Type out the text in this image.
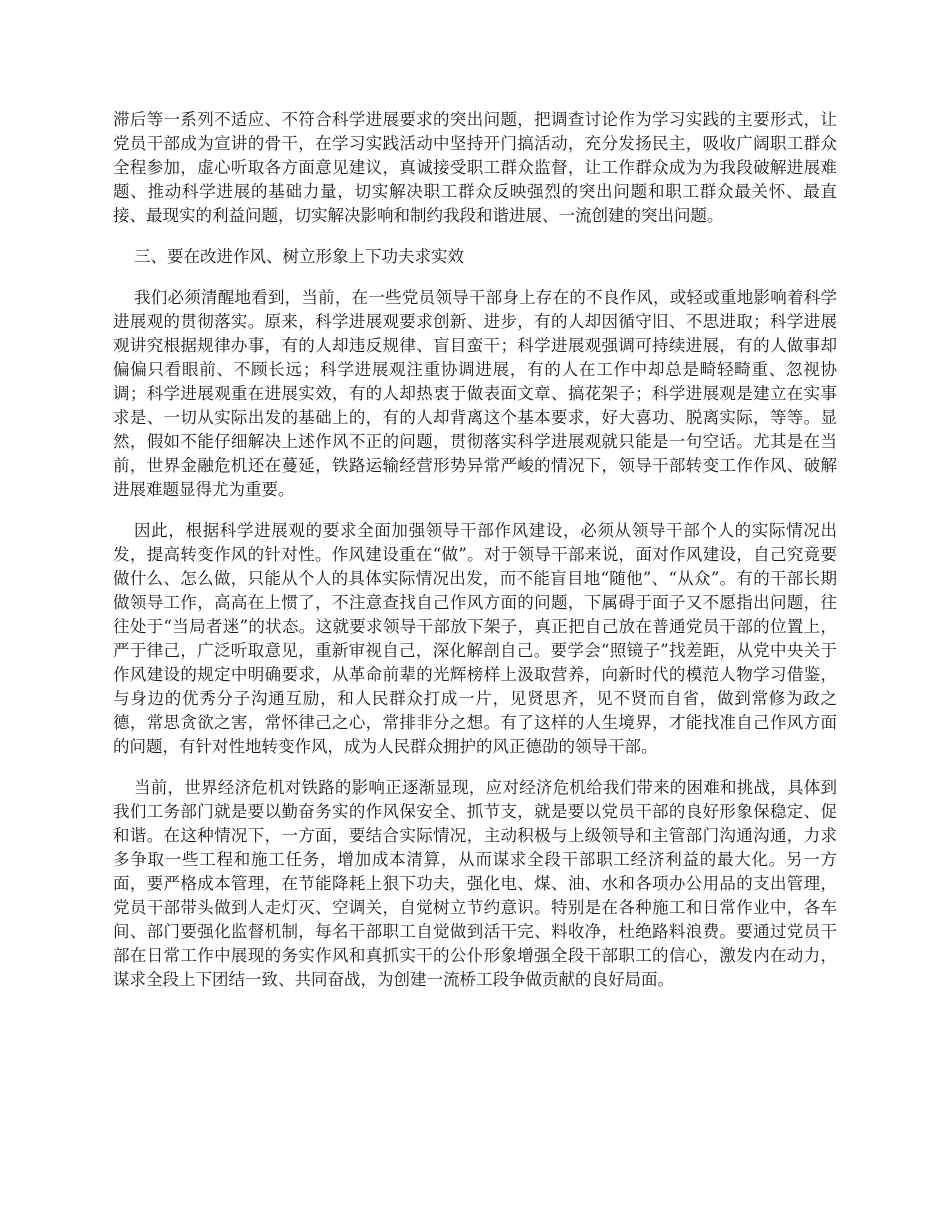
滞后等一系列不适应、不符合科学进展要求的突出问题，把调查讨论作为学习实践的主要形式，让党员干部成为宣讲的骨干，在学习实践活动中坚持开门搞活动，充分发扬民主，吸收广阔职工群众全程参加，虚心听取各方面意见建议，真诚接受职工群众监督，让工作群众成为为我段破解进展难题、推动科学进展的基础力量，切实解决职工群众反映强烈的突出问题和职工群众最关怀、最直接、最现实的利益问题，切实解决影响和制约我段和谐进展、一流创建的突出问题。

三、要在改进作风、树立形象上下功夫求实效

我们必须清醒地看到，当前，在一些党员领导干部身上存在的不良作风，或轻或重地影响着科学进展观的贯彻落实。原来，科学进展观要求创新、进步，有的人却因循守旧、不思进取；科学进展观讲究根据规律办事，有的人却违反规律、盲目蛮干；科学进展观强调可持续进展，有的人做事却偏偏只看眼前、不顾长远；科学进展观注重协调进展，有的人在工作中却总是畸轻畸重、忽视协调；科学进展观重在进展实效，有的人却热衷于做表面文章、搞花架子；科学进展观是建立在实事求是、一切从实际出发的基础上的，有的人却背离这个基本要求，好大喜功、脱离实际，等等。显然，假如不能仔细解决上述作风不正的问题，贯彻落实科学进展观就只能是一句空话。尤其是在当前，世界金融危机还在蔓延，铁路运输经营形势异常严峻的情况下，领导干部转变工作作风、破解进展难题显得尤为重要。

因此，根据科学进展观的要求全面加强领导干部作风建设，必须从领导干部个人的实际情况出发，提高转变作风的针对性。作风建设重在“做”。对于领导干部来说，面对作风建设，自己究竟要做什么、怎么做，只能从个人的具体实际情况出发，而不能盲目地“随他”、“从众”。有的干部长期做领导工作，高高在上惯了，不注意查找自己作风方面的问题，下属碍于面子又不愿指出问题，往往处于“当局者迷”的状态。这就要求领导干部放下架子，真正把自己放在普通党员干部的位置上，严于律己，广泛听取意见，重新审视自己，深化解剖自己。要学会“照镜子”找差距，从党中央关于作风建设的规定中明确要求，从革命前辈的光辉榜样上汲取营养，向新时代的模范人物学习借鉴，与身边的优秀分子沟通互励，和人民群众打成一片，见贤思齐，见不贤而自省，做到常修为政之德，常思贪欲之害，常怀律己之心，常排非分之想。有了这样的人生境界，才能找准自己作风方面的问题，有针对性地转变作风，成为人民群众拥护的风正德劭的领导干部。

当前，世界经济危机对铁路的影响正逐渐显现，应对经济危机给我们带来的困难和挑战，具体到我们工务部门就是要以勤奋务实的作风保安全、抓节支，就是要以党员干部的良好形象保稳定、促和谐。在这种情况下，一方面，要结合实际情况，主动积极与上级领导和主管部门沟通沟通，力求多争取一些工程和施工任务，增加成本清算，从而谋求全段干部职工经济利益的最大化。另一方面，要严格成本管理，在节能降耗上狠下功夫，强化电、煤、油、水和各项办公用品的支出管理，党员干部带头做到人走灯灭、空调关，自觉树立节约意识。特别是在各种施工和日常作业中，各车间、部门要强化监督机制，每名干部职工自觉做到活干完、料收净，杜绝路料浪费。要通过党员干部在日常工作中展现的务实作风和真抓实干的公仆形象增强全段干部职工的信心，激发内在动力，谋求全段上下团结一致、共同奋战，为创建一流桥工段争做贡献的良好局面。
